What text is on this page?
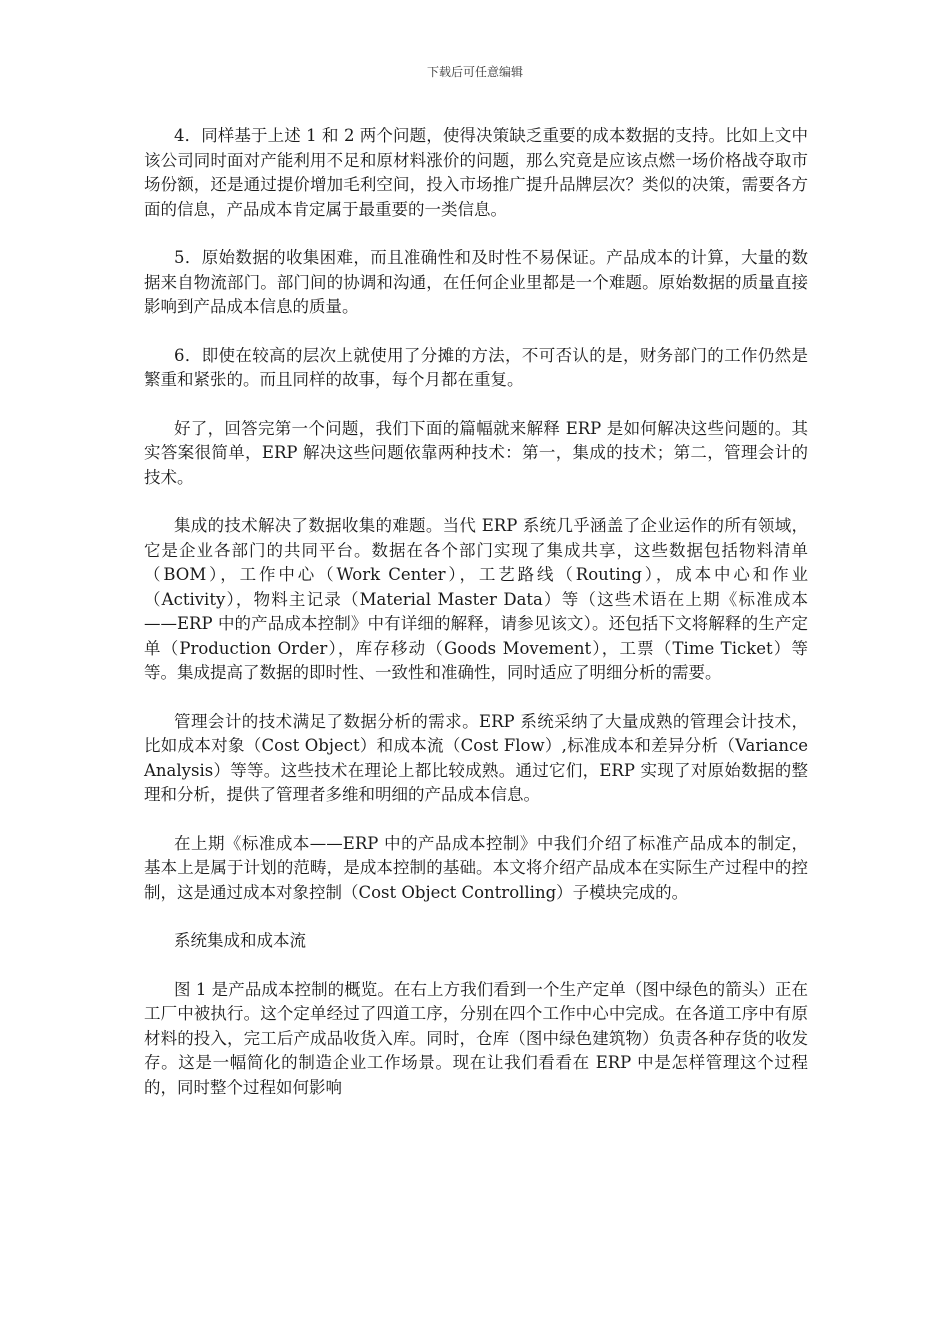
下载后可任意编辑

4．同样基于上述 1 和 2 两个问题，使得决策缺乏重要的成本数据的支持。比如上文中该公司同时面对产能利用不足和原材料涨价的问题，那么究竟是应该点燃一场价格战夺取市场份额，还是通过提价增加毛利空间，投入市场推广提升品牌层次？类似的决策，需要各方面的信息，产品成本肯定属于最重要的一类信息。

5．原始数据的收集困难，而且准确性和及时性不易保证。产品成本的计算，大量的数据来自物流部门。部门间的协调和沟通，在任何企业里都是一个难题。原始数据的质量直接影响到产品成本信息的质量。

6．即使在较高的层次上就使用了分摊的方法，不可否认的是，财务部门的工作仍然是繁重和紧张的。而且同样的故事，每个月都在重复。

好了，回答完第一个问题，我们下面的篇幅就来解释 ERP 是如何解决这些问题的。其实答案很简单，ERP 解决这些问题依靠两种技术：第一，集成的技术；第二，管理会计的技术。

集成的技术解决了数据收集的难题。当代 ERP 系统几乎涵盖了企业运作的所有领域，它是企业各部门的共同平台。数据在各个部门实现了集成共享，这些数据包括物料清单（BOM），工作中心（Work Center），工艺路线（Routing），成本中心和作业（Activity），物料主记录（Material Master Data）等（这些术语在上期《标准成本——ERP 中的产品成本控制》中有详细的解释，请参见该文）。还包括下文将解释的生产定单（Production Order），库存移动（Goods Movement），工票（Time Ticket）等等。集成提高了数据的即时性、一致性和准确性，同时适应了明细分析的需要。

管理会计的技术满足了数据分析的需求。ERP 系统采纳了大量成熟的管理会计技术，比如成本对象（Cost Object）和成本流（Cost Flow）,标准成本和差异分析（Variance Analysis）等等。这些技术在理论上都比较成熟。通过它们，ERP 实现了对原始数据的整理和分析，提供了管理者多维和明细的产品成本信息。

在上期《标准成本——ERP 中的产品成本控制》中我们介绍了标准产品成本的制定，基本上是属于计划的范畴，是成本控制的基础。本文将介绍产品成本在实际生产过程中的控制，这是通过成本对象控制（Cost Object Controlling）子模块完成的。

系统集成和成本流

图 1 是产品成本控制的概览。在右上方我们看到一个生产定单（图中绿色的箭头）正在工厂中被执行。这个定单经过了四道工序，分别在四个工作中心中完成。在各道工序中有原材料的投入，完工后产成品收货入库。同时，仓库（图中绿色建筑物）负责各种存货的收发存。这是一幅简化的制造企业工作场景。现在让我们看看在 ERP 中是怎样管理这个过程的，同时整个过程如何影响
